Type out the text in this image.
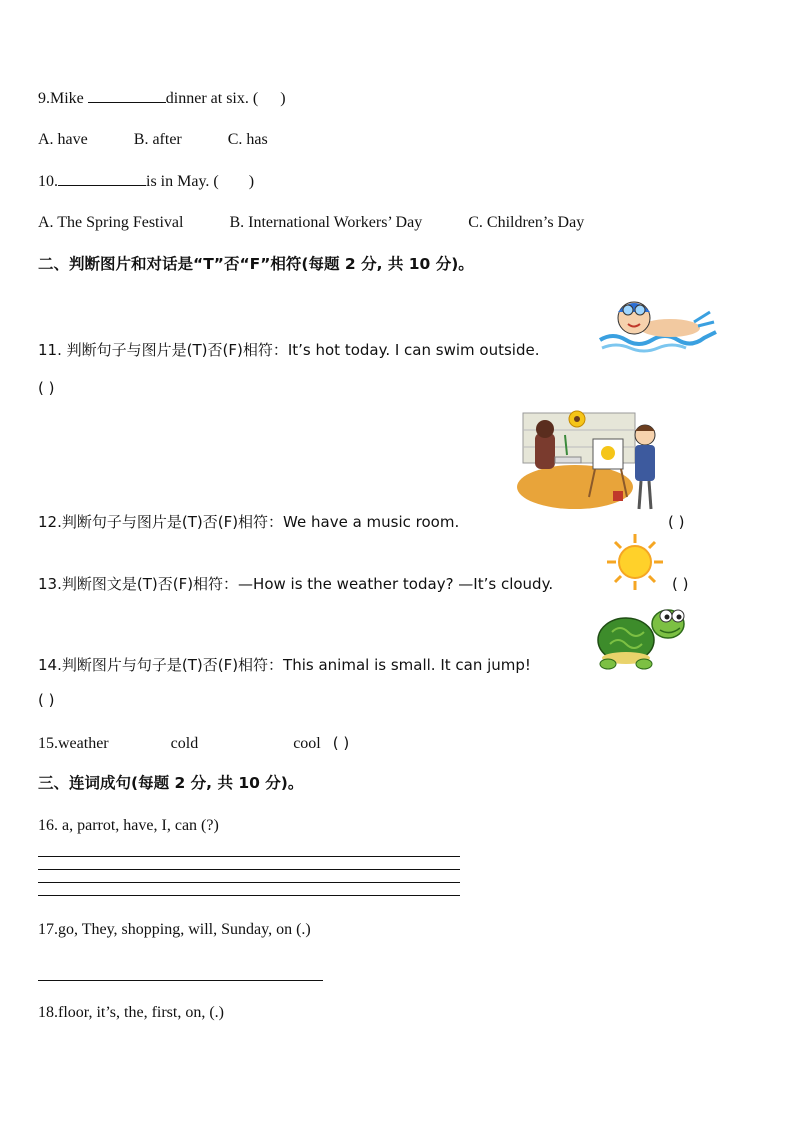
9.Mike	dinner at six. ( )
A. have	B. after	C. has
10.	is in May. ( )
A. The Spring Festival	B. International Workers’ Day	C. Children’s Day
二、判断图片和对话是“T”否“F”相符(每题 2 分, 共 10 分)。
11. 判断句子与图片是(T)否(F)相符：It’s hot today. I can swim outside.
( )
12.判断句子与图片是(T)否(F)相符：We have a music room.	( )
13.判断图文是(T)否(F)相符：—How is the weather today? —It’s cloudy.	( )
14.判断图片与句子是(T)否(F)相符：This animal is small. It can jump!
( )
15.weather	cold	cool ( )
三、连词成句(每题 2 分, 共 10 分)。
16. a, parrot, have, I, can (?)
17.go, They, shopping, will, Sunday, on (.)
18.floor, it’s, the, first, on, (.)
